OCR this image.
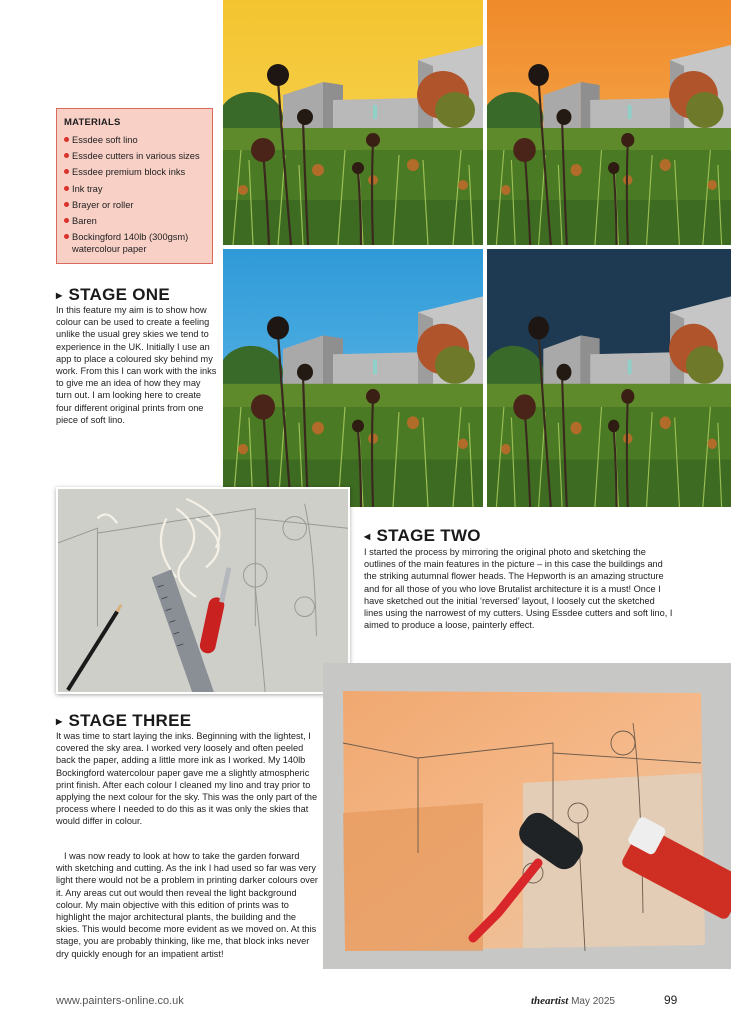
MATERIALS
Essdee soft lino
Essdee cutters in various sizes
Essdee premium block inks
Ink tray
Brayer or roller
Baren
Bockingford 140lb (300gsm) watercolour paper
▶ STAGE ONE
In this feature my aim is to show how colour can be used to create a feeling unlike the usual grey skies we tend to experience in the UK. Initially I use an app to place a coloured sky behind my work. From this I can work with the inks to give me an idea of how they may turn out. I am looking here to create four different original prints from one piece of soft lino.
◀ STAGE TWO
I started the process by mirroring the original photo and sketching the outlines of the main features in the picture – in this case the buildings and the striking autumnal flower heads. The Hepworth is an amazing structure and for all those of you who love Brutalist architecture it is a must! Once I have sketched out the initial ‘reversed’ layout, I loosely cut the sketched lines using the narrowest of my cutters. Using Essdee cutters and soft lino, I aimed to produce a loose, painterly effect.
▶ STAGE THREE
It was time to start laying the inks. Beginning with the lightest, I covered the sky area. I worked very loosely and often peeled back the paper, adding a little more ink as I worked. My 140lb Bockingford watercolour paper gave me a slightly atmospheric print finish. After each colour I cleaned my lino and tray prior to applying the next colour for the sky. This was the only part of the process where I needed to do this as it was only the skies that would differ in colour.
I was now ready to look at how to take the garden forward with sketching and cutting. As the ink I had used so far was very light there would not be a problem in printing darker colours over it. Any areas cut out would then reveal the light background colour. My main objective with this edition of prints was to highlight the major architectural plants, the building and the skies. This would become more evident as we moved on. At this stage, you are probably thinking, like me, that block inks never dry quickly enough for an impatient artist!
www.painters-online.co.uk	theartist May 2025	99
